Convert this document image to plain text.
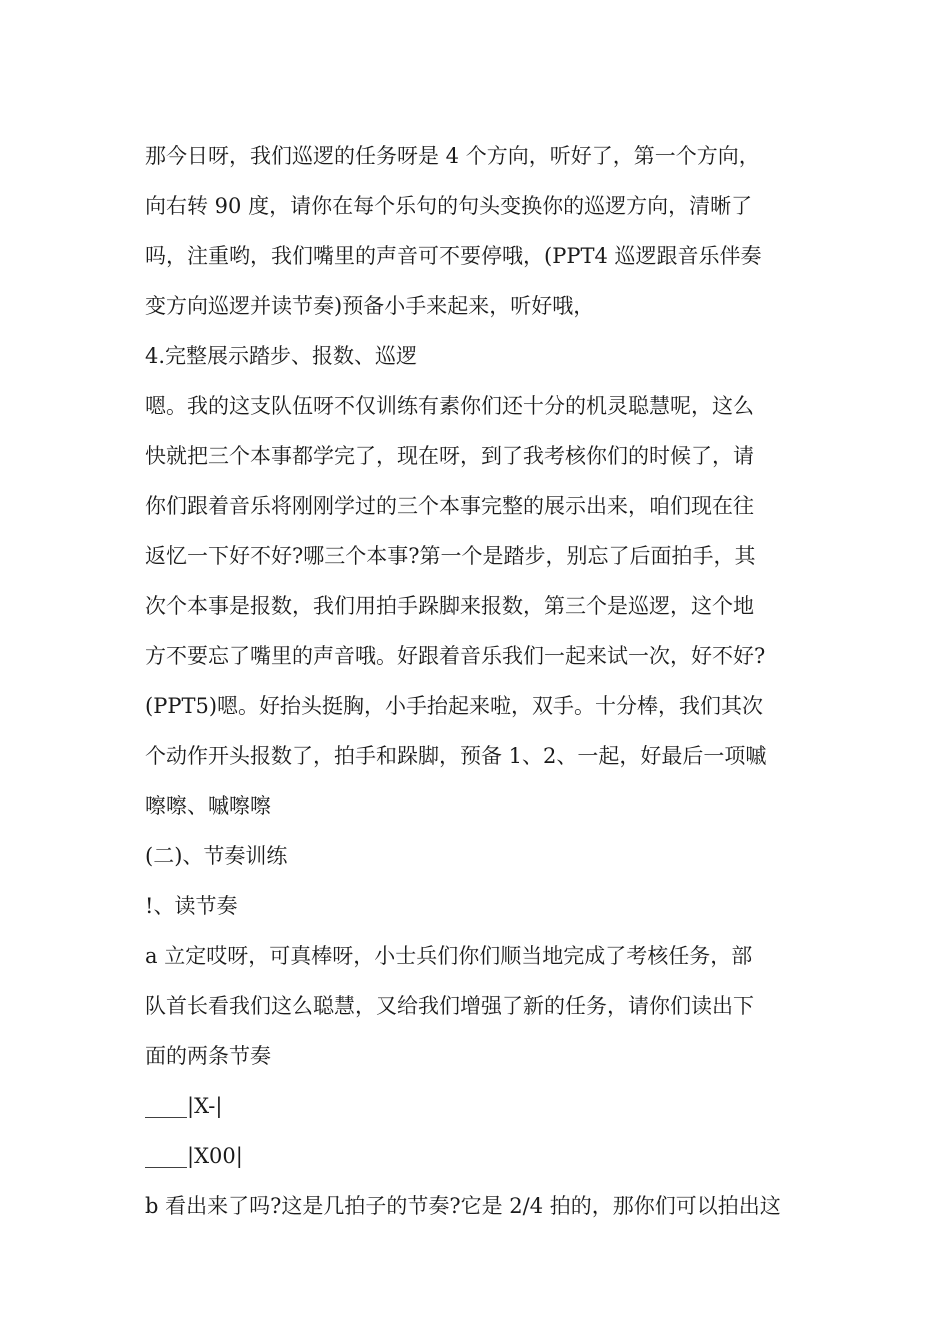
那今日呀，我们巡逻的任务呀是 4 个方向，听好了，第一个方向，

向右转 90 度，请你在每个乐句的句头变换你的巡逻方向，清晰了

吗，注重哟，我们嘴里的声音可不要停哦，(PPT4 巡逻跟音乐伴奏

变方向巡逻并读节奏)预备小手来起来，听好哦，

4.完整展示踏步、报数、巡逻

嗯。我的这支队伍呀不仅训练有素你们还十分的机灵聪慧呢，这么

快就把三个本事都学完了，现在呀，到了我考核你们的时候了，请

你们跟着音乐将刚刚学过的三个本事完整的展示出来，咱们现在往

返忆一下好不好?哪三个本事?第一个是踏步，别忘了后面拍手，其

次个本事是报数，我们用拍手跺脚来报数，第三个是巡逻，这个地

方不要忘了嘴里的声音哦。好跟着音乐我们一起来试一次，好不好?

(PPT5)嗯。好抬头挺胸，小手抬起来啦，双手。十分棒，我们其次

个动作开头报数了，拍手和跺脚，预备 1、2、一起，好最后一项嘁

嚓嚓、嘁嚓嚓

(二)、节奏训练

!、读节奏

a 立定哎呀，可真棒呀，小士兵们你们顺当地完成了考核任务，部

队首长看我们这么聪慧，又给我们增强了新的任务，请你们读出下

面的两条节奏

____|X-|

____|X00|

b 看出来了吗?这是几拍子的节奏?它是 2/4 拍的，那你们可以拍出这
